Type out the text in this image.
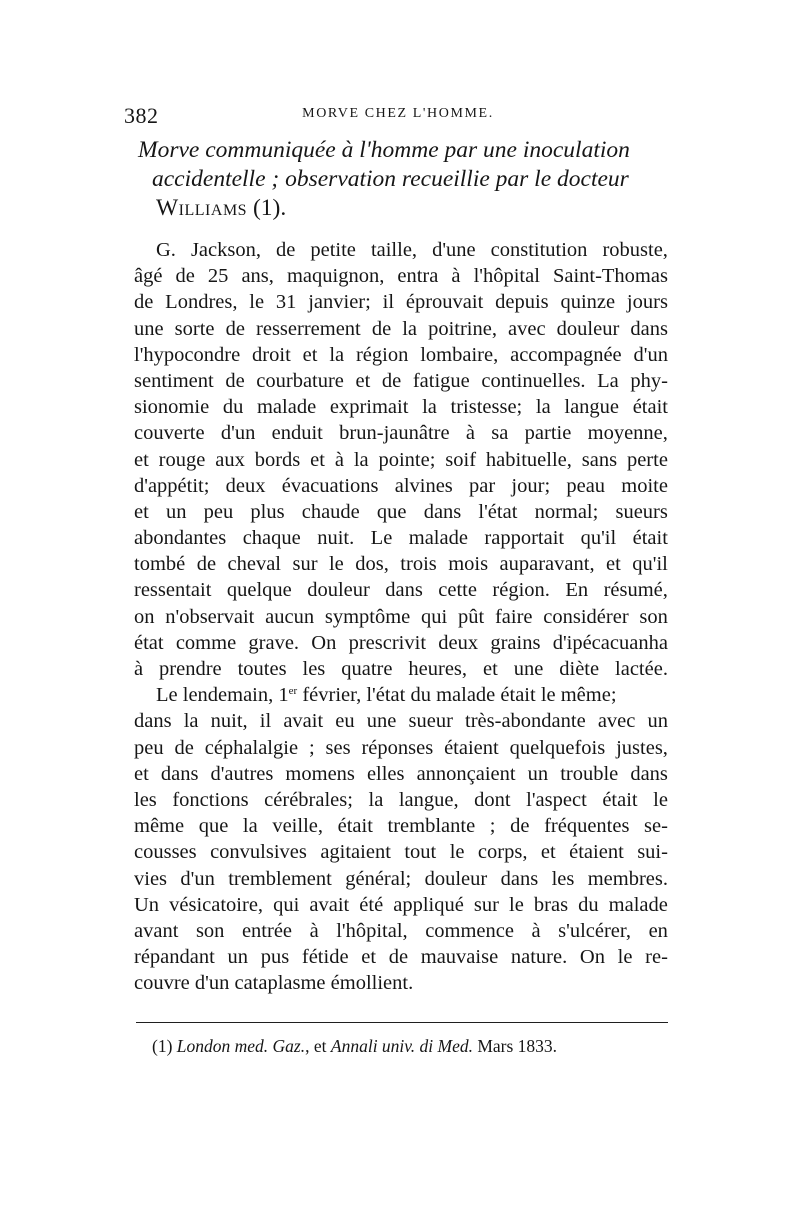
382	MORVE CHEZ L'HOMME.
Morve communiquée à l'homme par une inoculation
accidentelle ; observation recueillie par le docteur
Williams (1).
G. Jackson, de petite taille, d'une constitution robuste,
âgé de 25 ans, maquignon, entra à l'hôpital Saint-Thomas
de Londres, le 31 janvier; il éprouvait depuis quinze jours
une sorte de resserrement de la poitrine, avec douleur dans
l'hypocondre droit et la région lombaire, accompagnée d'un
sentiment de courbature et de fatigue continuelles. La phy-
sionomie du malade exprimait la tristesse; la langue était
couverte d'un enduit brun-jaunâtre à sa partie moyenne,
et rouge aux bords et à la pointe; soif habituelle, sans perte
d'appétit; deux évacuations alvines par jour; peau moite
et un peu plus chaude que dans l'état normal; sueurs
abondantes chaque nuit. Le malade rapportait qu'il était
tombé de cheval sur le dos, trois mois auparavant, et qu'il
ressentait quelque douleur dans cette région. En résumé,
on n'observait aucun symptôme qui pût faire considérer son
état comme grave. On prescrivit deux grains d'ipécacuanha
à prendre toutes les quatre heures, et une diète lactée.
Le lendemain, 1er février, l'état du malade était le même;
dans la nuit, il avait eu une sueur très-abondante avec un
peu de céphalalgie ; ses réponses étaient quelquefois justes,
et dans d'autres momens elles annonçaient un trouble dans
les fonctions cérébrales; la langue, dont l'aspect était le
même que la veille, était tremblante ; de fréquentes se-
cousses convulsives agitaient tout le corps, et étaient sui-
vies d'un tremblement général; douleur dans les membres.
Un vésicatoire, qui avait été appliqué sur le bras du malade
avant son entrée à l'hôpital, commence à s'ulcérer, en
répandant un pus fétide et de mauvaise nature. On le re-
couvre d'un cataplasme émollient.
(1) London med. Gaz., et Annali univ. di Med. Mars 1833.
